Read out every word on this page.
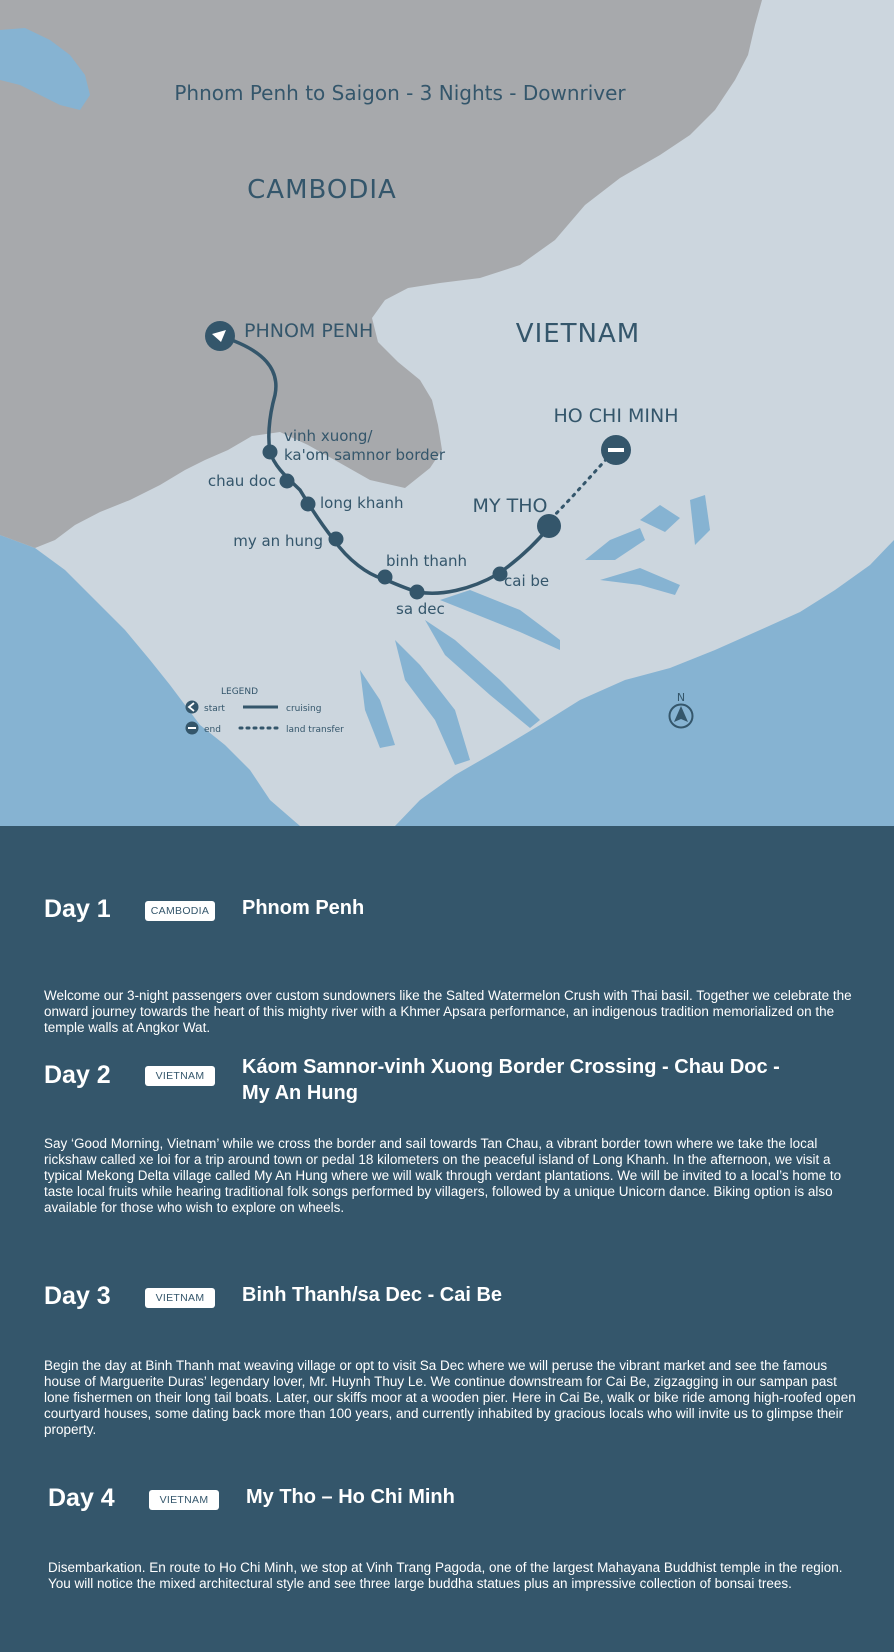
Phnom Penh to Saigon - 3 Nights - Downriver
CAMBODIA
VIETNAM
PHNOM PENH
HO CHI MINH
MY THO
vinh xuong/
ka'om samnor border
chau doc
long khanh
my an hung
binh thanh
sa dec
cai be
LEGEND
start	cruising
end	land transfer
N
Day 1	CAMBODIA Phnom Penh

Welcome our 3-night passengers over custom sundowners like the Salted Watermelon Crush with Thai basil. Together we celebrate the onward journey towards the heart of this mighty river with a Khmer Apsara performance, an indigenous tradition memorialized on the temple walls at Angkor Wat.

Day 2	VIETNAM	Káom Samnor-vinh Xuong Border Crossing - Chau Doc - My An Hung

Say ‘Good Morning, Vietnam’ while we cross the border and sail towards Tan Chau, a vibrant border town where we take the local rickshaw called xe loi for a trip around town or pedal 18 kilometers on the peaceful island of Long Khanh. In the afternoon, we visit a typical Mekong Delta village called My An Hung where we will walk through verdant plantations. We will be invited to a local’s home to taste local fruits while hearing traditional folk songs performed by villagers, followed by a unique Unicorn dance. Biking option is also available for those who wish to explore on wheels.

Day 3	VIETNAM	Binh Thanh/sa Dec - Cai Be

Begin the day at Binh Thanh mat weaving village or opt to visit Sa Dec where we will peruse the vibrant market and see the famous house of Marguerite Duras’ legendary lover, Mr. Huynh Thuy Le. We continue downstream for Cai Be, zigzagging in our sampan past lone fishermen on their long tail boats. Later, our skiffs moor at a wooden pier. Here in Cai Be, walk or bike ride among high-roofed open courtyard houses, some dating back more than 100 years, and currently inhabited by gracious locals who will invite us to glimpse their property.

Day 4	VIETNAM	My Tho – Ho Chi Minh

Disembarkation. En route to Ho Chi Minh, we stop at Vinh Trang Pagoda, one of the largest Mahayana Buddhist temple in the region. You will notice the mixed architectural style and see three large buddha statues plus an impressive collection of bonsai trees.
